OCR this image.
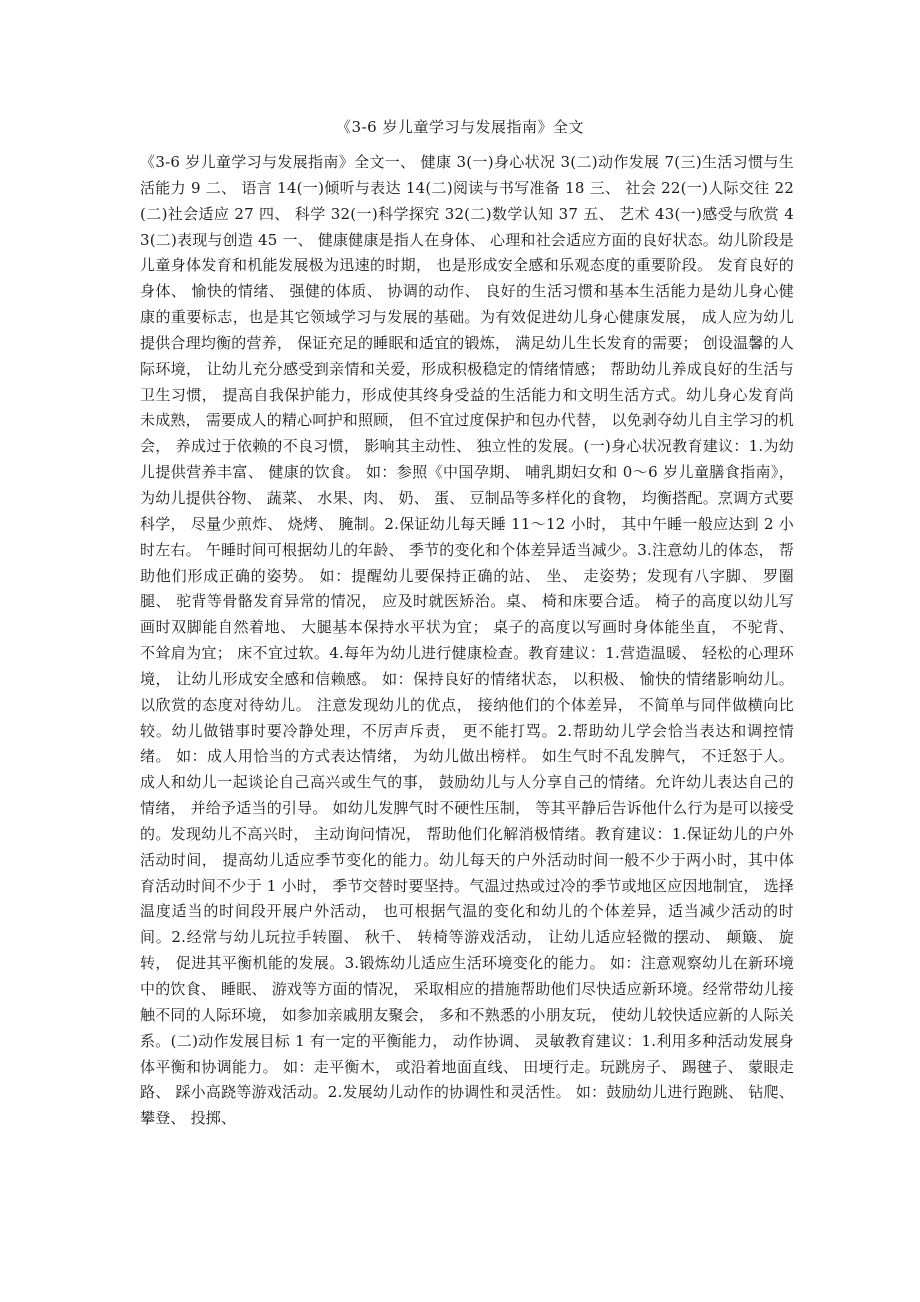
《3-6 岁儿童学习与发展指南》全文

《3-6 岁儿童学习与发展指南》全文一、 健康 3(一)身心状况 3(二)动作发展 7(三)生活习惯与生活能力 9 二、 语言 14(一)倾听与表达 14(二)阅读与书写准备 18 三、 社会 22(一)人际交往 22(二)社会适应 27 四、 科学 32(一)科学探究 32(二)数学认知 37 五、 艺术 43(一)感受与欣赏 43(二)表现与创造 45 一、 健康健康是指人在身体、 心理和社会适应方面的良好状态。幼儿阶段是儿童身体发育和机能发展极为迅速的时期， 也是形成安全感和乐观态度的重要阶段。 发育良好的身体、 愉快的情绪、 强健的体质、 协调的动作、 良好的生活习惯和基本生活能力是幼儿身心健康的重要标志，也是其它领域学习与发展的基础。为有效促进幼儿身心健康发展， 成人应为幼儿提供合理均衡的营养， 保证充足的睡眠和适宜的锻炼， 满足幼儿生长发育的需要； 创设温馨的人际环境， 让幼儿充分感受到亲情和关爱，形成积极稳定的情绪情感； 帮助幼儿养成良好的生活与卫生习惯， 提高自我保护能力，形成使其终身受益的生活能力和文明生活方式。幼儿身心发育尚未成熟， 需要成人的精心呵护和照顾， 但不宜过度保护和包办代替， 以免剥夺幼儿自主学习的机会， 养成过于依赖的不良习惯， 影响其主动性、 独立性的发展。(一)身心状况教育建议：1.为幼儿提供营养丰富、 健康的饮食。 如：参照《中国孕期、 哺乳期妇女和 0～6 岁儿童膳食指南》， 为幼儿提供谷物、 蔬菜、 水果、肉、 奶、 蛋、 豆制品等多样化的食物， 均衡搭配。烹调方式要科学， 尽量少煎炸、 烧烤、 腌制。2.保证幼儿每天睡 11～12 小时， 其中午睡一般应达到 2 小时左右。 午睡时间可根据幼儿的年龄、 季节的变化和个体差异适当减少。3.注意幼儿的体态， 帮助他们形成正确的姿势。 如：提醒幼儿要保持正确的站、 坐、 走姿势；发现有八字脚、 罗圈腿、 驼背等骨骼发育异常的情况， 应及时就医矫治。桌、 椅和床要合适。 椅子的高度以幼儿写画时双脚能自然着地、 大腿基本保持水平状为宜； 桌子的高度以写画时身体能坐直， 不驼背、 不耸肩为宜； 床不宜过软。4.每年为幼儿进行健康检查。教育建议：1.营造温暖、 轻松的心理环境， 让幼儿形成安全感和信赖感。 如：保持良好的情绪状态， 以积极、 愉快的情绪影响幼儿。以欣赏的态度对待幼儿。 注意发现幼儿的优点， 接纳他们的个体差异， 不简单与同伴做横向比较。幼儿做错事时要冷静处理，不厉声斥责， 更不能打骂。2.帮助幼儿学会恰当表达和调控情绪。 如：成人用恰当的方式表达情绪， 为幼儿做出榜样。 如生气时不乱发脾气， 不迁怒于人。成人和幼儿一起谈论自己高兴或生气的事， 鼓励幼儿与人分享自己的情绪。允许幼儿表达自己的情绪， 并给予适当的引导。 如幼儿发脾气时不硬性压制， 等其平静后告诉他什么行为是可以接受的。发现幼儿不高兴时， 主动询问情况， 帮助他们化解消极情绪。教育建议：1.保证幼儿的户外活动时间， 提高幼儿适应季节变化的能力。幼儿每天的户外活动时间一般不少于两小时，其中体育活动时间不少于 1 小时， 季节交替时要坚持。气温过热或过冷的季节或地区应因地制宜， 选择温度适当的时间段开展户外活动， 也可根据气温的变化和幼儿的个体差异，适当减少活动的时间。2.经常与幼儿玩拉手转圈、 秋千、 转椅等游戏活动， 让幼儿适应轻微的摆动、 颠簸、 旋转， 促进其平衡机能的发展。3.锻炼幼儿适应生活环境变化的能力。 如：注意观察幼儿在新环境中的饮食、 睡眠、 游戏等方面的情况， 采取相应的措施帮助他们尽快适应新环境。经常带幼儿接触不同的人际环境， 如参加亲戚朋友聚会， 多和不熟悉的小朋友玩， 使幼儿较快适应新的人际关系。(二)动作发展目标 1 有一定的平衡能力， 动作协调、 灵敏教育建议：1.利用多种活动发展身体平衡和协调能力。 如：走平衡木， 或沿着地面直线、 田埂行走。玩跳房子、 踢毽子、 蒙眼走路、 踩小高跷等游戏活动。2.发展幼儿动作的协调性和灵活性。 如：鼓励幼儿进行跑跳、 钻爬、 攀登、 投掷、
